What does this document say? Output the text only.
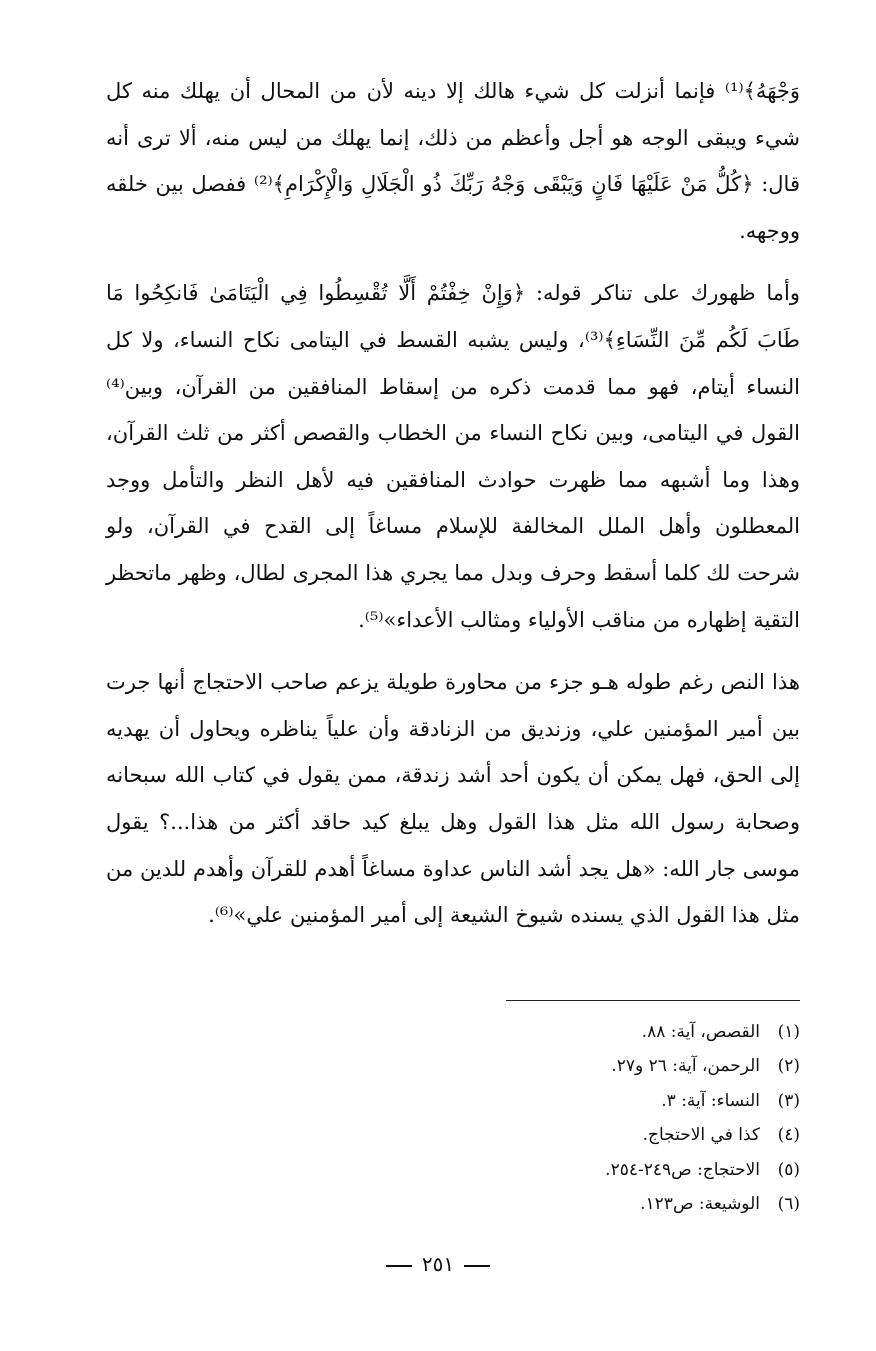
وَجْهَهُ﴾⁽¹⁾ فإنما أنزلت كل شيء هالك إلا دينه لأن من المحال أن يهلك منه كل شيء ويبقى الوجه هو أجل وأعظم من ذلك، إنما يهلك من ليس منه، ألا ترى أنه قال: ﴿كُلُّ مَنْ عَلَيْهَا فَانٍ وَيَبْقَى وَجْهُ رَبِّكَ ذُو الْجَلَالِ وَالْإِكْرَامِ﴾⁽²⁾ ففصل بين خلقه ووجهه.

وأما ظهورك على تناكر قوله: ﴿وَإِنْ خِفْتُمْ أَلَّا تُقْسِطُوا فِي الْيَتَامَىٰ فَانكِحُوا مَا طَابَ لَكُم مِّنَ النِّسَاءِ﴾⁽³⁾، وليس يشبه القسط في اليتامى نكاح النساء، ولا كل النساء أيتام، فهو مما قدمت ذكره من إسقاط المنافقين من القرآن، وبين⁽⁴⁾ القول في اليتامى، وبين نكاح النساء من الخطاب والقصص أكثر من ثلث القرآن، وهذا وما أشبهه مما ظهرت حوادث المنافقين فيه لأهل النظر والتأمل ووجد المعطلون وأهل الملل المخالفة للإسلام مساغاً إلى القدح في القرآن، ولو شرحت لك كلما أسقط وحرف وبدل مما يجري هذا المجرى لطال، وظهر ماتحظر التقية إظهاره من مناقب الأولياء ومثالب الأعداء»⁽⁵⁾.

هذا النص رغم طوله هـو جزء من محاورة طويلة يزعم صاحب الاحتجاج أنها جرت بين أمير المؤمنين علي، وزنديق من الزنادقة وأن علياً يناظره ويحاول أن يهديه إلى الحق، فهل يمكن أن يكون أحد أشد زندقة، ممن يقول في كتاب الله سبحانه وصحابة رسول الله مثل هذا القول وهل يبلغ كيد حاقد أكثر من هذا...؟ يقول موسى جار الله: «هل يجد أشد الناس عداوة مساغاً أهدم للقرآن وأهدم للدين من مثل هذا القول الذي يسنده شيوخ الشيعة إلى أمير المؤمنين علي»⁽⁶⁾.

(١)القصص، آية: ٨٨.
(٢)الرحمن، آية: ٢٦ و٢٧.
(٣)النساء: آية: ٣.
(٤)كذا في الاحتجاج.
(٥)الاحتجاج: ص٢٤٩-٢٥٤.
(٦)الوشيعة: ص١٢٣.
٢٥١
